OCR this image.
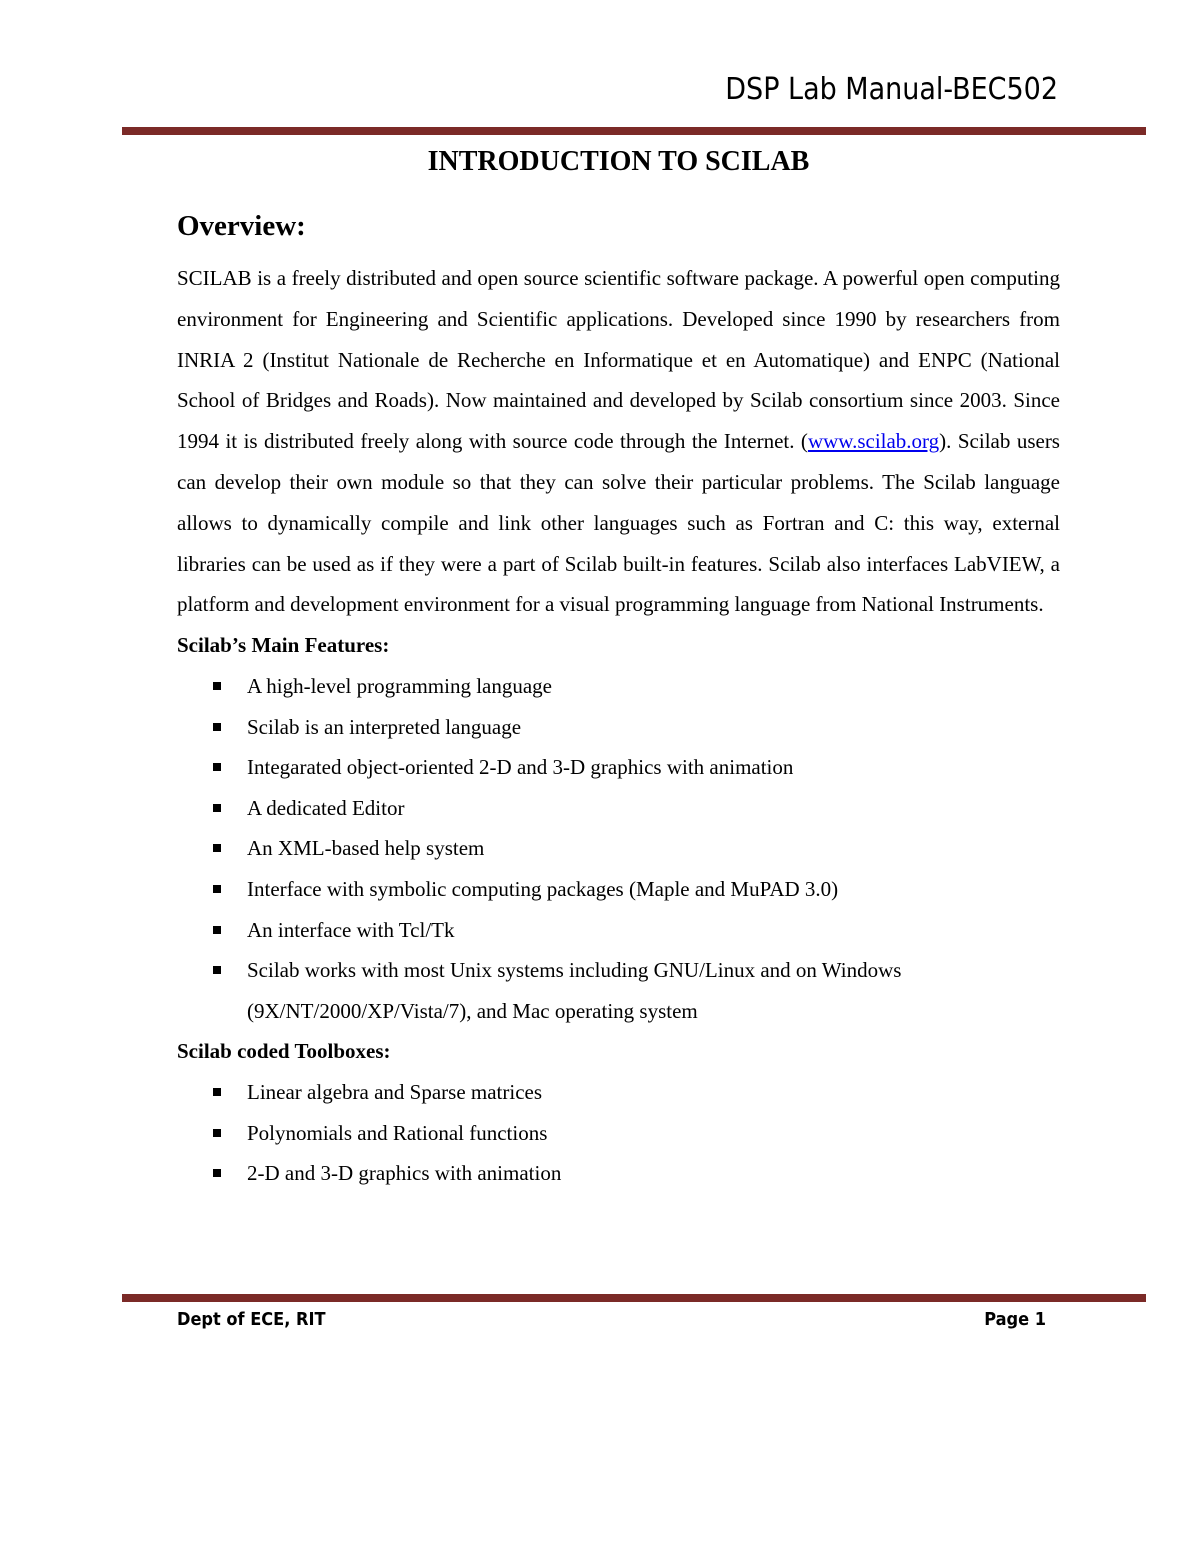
DSP Lab Manual-BEC502
INTRODUCTION TO SCILAB
Overview:

SCILAB is a freely distributed and open source scientific software package. A powerful open computing environment for Engineering and Scientific applications. Developed since 1990 by researchers from INRIA 2 (Institut Nationale de Recherche en Informatique et en Automatique) and ENPC (National School of Bridges and Roads). Now maintained and developed by Scilab consortium since 2003. Since 1994 it is distributed freely along with source code through the Internet. (www.scilab.org). Scilab users can develop their own module so that they can solve their particular problems. The Scilab language allows to dynamically compile and link other languages such as Fortran and C: this way, external libraries can be used as if they were a part of Scilab built-in features. Scilab also interfaces LabVIEW, a platform and development environment for a visual programming language from National Instruments.

Scilab’s Main Features:
A high-level programming language
Scilab is an interpreted language
Integarated object-oriented 2-D and 3-D graphics with animation
A dedicated Editor
An XML-based help system
Interface with symbolic computing packages (Maple and MuPAD 3.0)
An interface with Tcl/Tk
Scilab works with most Unix systems including GNU/Linux and on Windows (9X/NT/2000/XP/Vista/7), and Mac operating system
Scilab coded Toolboxes:
Linear algebra and Sparse matrices
Polynomials and Rational functions
2-D and 3-D graphics with animation
Dept of ECE, RIT	Page 1
